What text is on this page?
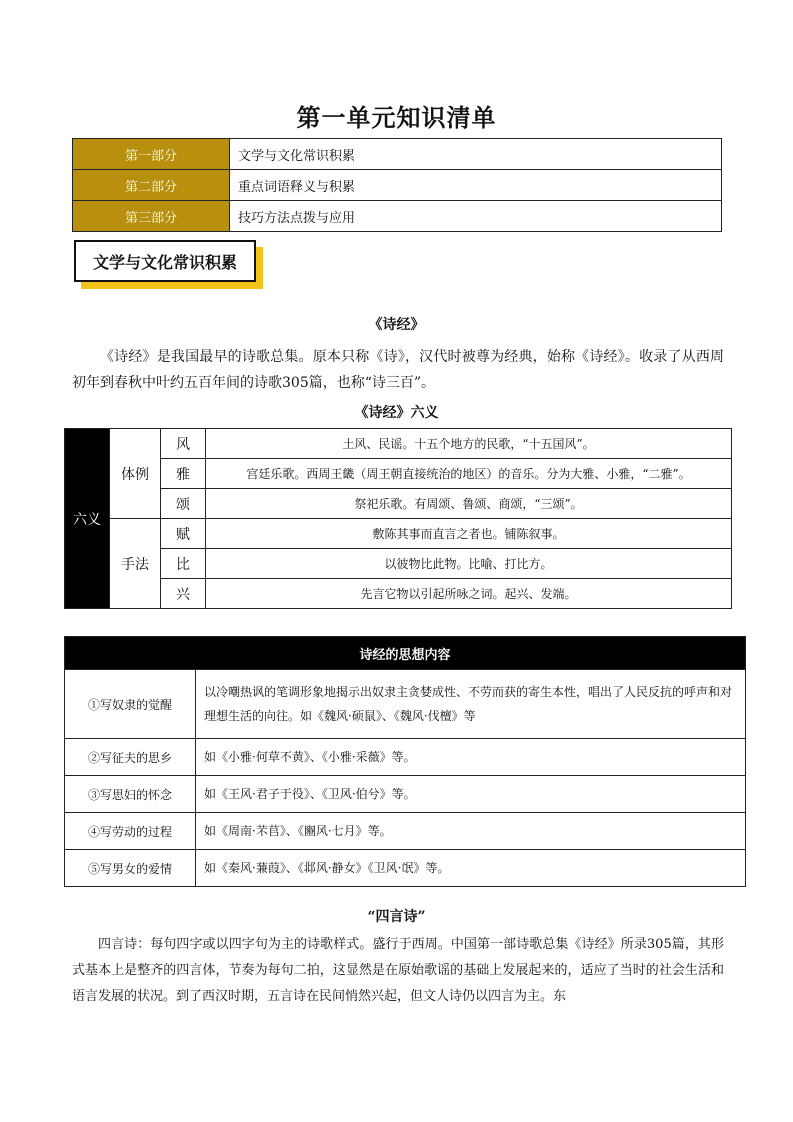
第一单元知识清单
第一部分	文学与文化常识积累
第二部分	重点词语释义与积累
第三部分	技巧方法点拨与应用
文学与文化常识积累
《诗经》

《诗经》是我国最早的诗歌总集。原本只称《诗》，汉代时被尊为经典，始称《诗经》。收录了从西周初年到春秋中叶约五百年间的诗歌305篇，也称“诗三百”。

《诗经》六义
六义	体例	风	土风、民谣。十五个地方的民歌，“十五国风”。
		雅	宫廷乐歌。西周王畿（周王朝直接统治的地区）的音乐。分为大雅、小雅，“二雅”。
		颂	祭祀乐歌。有周颂、鲁颂、商颂，“三颂”。
	手法	赋	敷陈其事而直言之者也。铺陈叙事。
		比	以彼物比此物。比喻、打比方。
		兴	先言它物以引起所咏之词。起兴、发端。
诗经的思想内容	
①写奴隶的觉醒	以冷嘲热讽的笔调形象地揭示出奴隶主贪婪成性、不劳而获的寄生本性，唱出了人民反抗的呼声和对理想生活的向往。如《魏风·硕鼠》、《魏风·伐檀》等
②写征夫的思乡	如《小雅·何草不黄》、《小雅·采薇》等。
③写思妇的怀念	如《王风·君子于役》、《卫风·伯兮》等。
④写劳动的过程	如《周南·芣苢》、《豳风·七月》等。
⑤写男女的爱情	如《秦风·蒹葭》、《邶风·静女》《卫风·氓》等。
“四言诗”

四言诗：每句四字或以四字句为主的诗歌样式。盛行于西周。中国第一部诗歌总集《诗经》所录305篇，其形式基本上是整齐的四言体，节奏为每句二拍，这显然是在原始歌谣的基础上发展起来的，适应了当时的社会生活和语言发展的状况。到了西汉时期，五言诗在民间悄然兴起，但文人诗仍以四言为主。东
